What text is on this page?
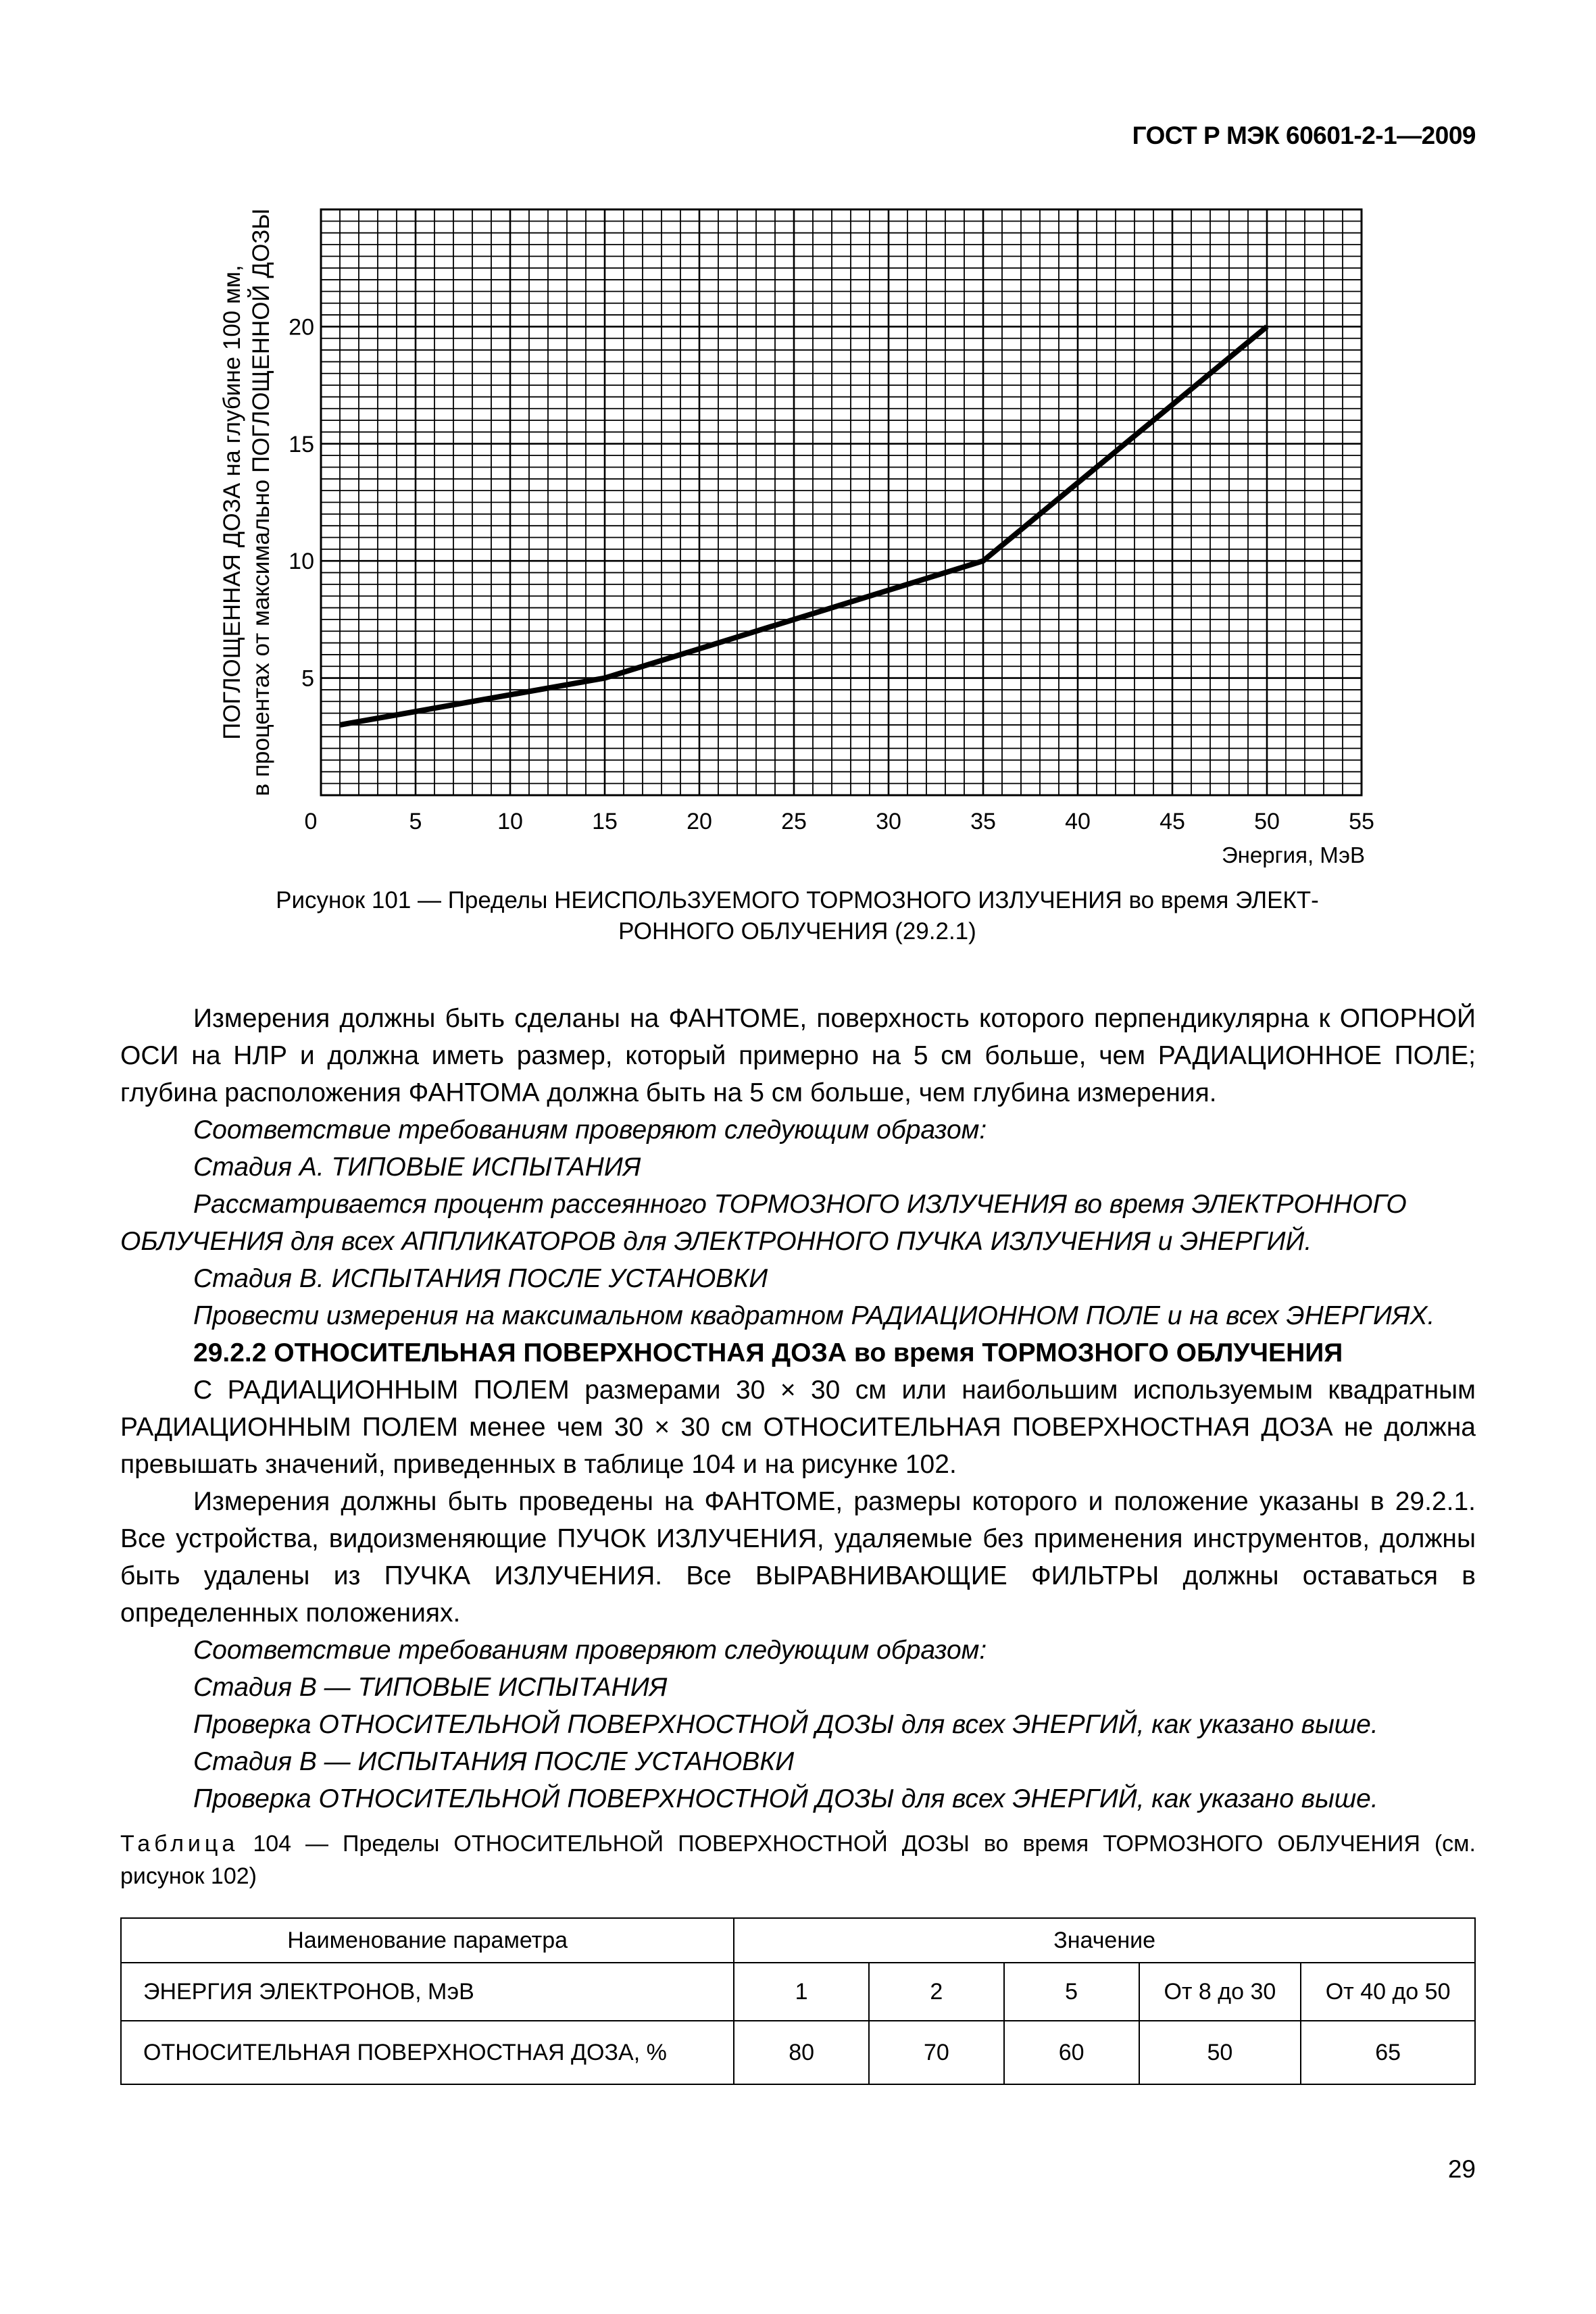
ГОСТ Р МЭК 60601-2-1—2009
0	5	10	15	20	25	30	35	40	45	50	55
5
10
15
20
ПОГЛОЩЕННАЯ ДОЗА на глубине 100 мм, в процентах от максимально ПОГЛОЩЕННОЙ ДОЗЫ
Энергия, МэВ
Рисунок 101 — Пределы НЕИСПОЛЬЗУЕМОГО ТОРМОЗНОГО ИЗЛУЧЕНИЯ во время ЭЛЕКТ-
РОННОГО ОБЛУЧЕНИЯ (29.2.1)

Измерения должны быть сделаны на ФАНТОМЕ, поверхность которого перпендикулярна к ОПОРНОЙ ОСИ на НЛР и должна иметь размер, который примерно на 5 см больше, чем РАДИАЦИОННОЕ ПОЛЕ; глубина расположения ФАНТОМА должна быть на 5 см больше, чем глубина измерения.

Соответствие требованиям проверяют следующим образом:

Стадия А. ТИПОВЫЕ ИСПЫТАНИЯ

Рассматривается процент рассеянного ТОРМОЗНОГО ИЗЛУЧЕНИЯ во время ЭЛЕКТРОННОГО ОБЛУЧЕНИЯ для всех АППЛИКАТОРОВ для ЭЛЕКТРОННОГО ПУЧКА ИЗЛУЧЕНИЯ и ЭНЕРГИЙ.

Стадия В. ИСПЫТАНИЯ ПОСЛЕ УСТАНОВКИ

Провести измерения на максимальном квадратном РАДИАЦИОННОМ ПОЛЕ и на всех ЭНЕРГИЯХ.

29.2.2 ОТНОСИТЕЛЬНАЯ ПОВЕРХНОСТНАЯ ДОЗА во время ТОРМОЗНОГО ОБЛУЧЕНИЯ

С РАДИАЦИОННЫМ ПОЛЕМ размерами 30 × 30 см или наибольшим используемым квадратным РАДИАЦИОННЫМ ПОЛЕМ менее чем 30 × 30 см ОТНОСИТЕЛЬНАЯ ПОВЕРХНОСТНАЯ ДОЗА не должна превышать значений, приведенных в таблице 104 и на рисунке 102.

Измерения должны быть проведены на ФАНТОМЕ, размеры которого и положение указаны в 29.2.1. Все устройства, видоизменяющие ПУЧОК ИЗЛУЧЕНИЯ, удаляемые без применения инструментов, должны быть удалены из ПУЧКА ИЗЛУЧЕНИЯ. Все ВЫРАВНИВАЮЩИЕ ФИЛЬТРЫ должны оставаться в определенных положениях.

Соответствие требованиям проверяют следующим образом:

Стадия В — ТИПОВЫЕ ИСПЫТАНИЯ

Проверка ОТНОСИТЕЛЬНОЙ ПОВЕРХНОСТНОЙ ДОЗЫ для всех ЭНЕРГИЙ, как указано выше.

Стадия В — ИСПЫТАНИЯ ПОСЛЕ УСТАНОВКИ

Проверка ОТНОСИТЕЛЬНОЙ ПОВЕРХНОСТНОЙ ДОЗЫ для всех ЭНЕРГИЙ, как указано выше.

Таблица 104 — Пределы ОТНОСИТЕЛЬНОЙ ПОВЕРХНОСТНОЙ ДОЗЫ во время ТОРМОЗНОГО ОБЛУЧЕНИЯ (см. рисунок 102)
Наименование параметра	Значение				
ЭНЕРГИЯ ЭЛЕКТРОНОВ, МэВ	1	2	5	От 8 до 30	От 40 до 50
ОТНОСИТЕЛЬНАЯ ПОВЕРХНОСТНАЯ ДОЗА, %	80	70	60	50	65
29
